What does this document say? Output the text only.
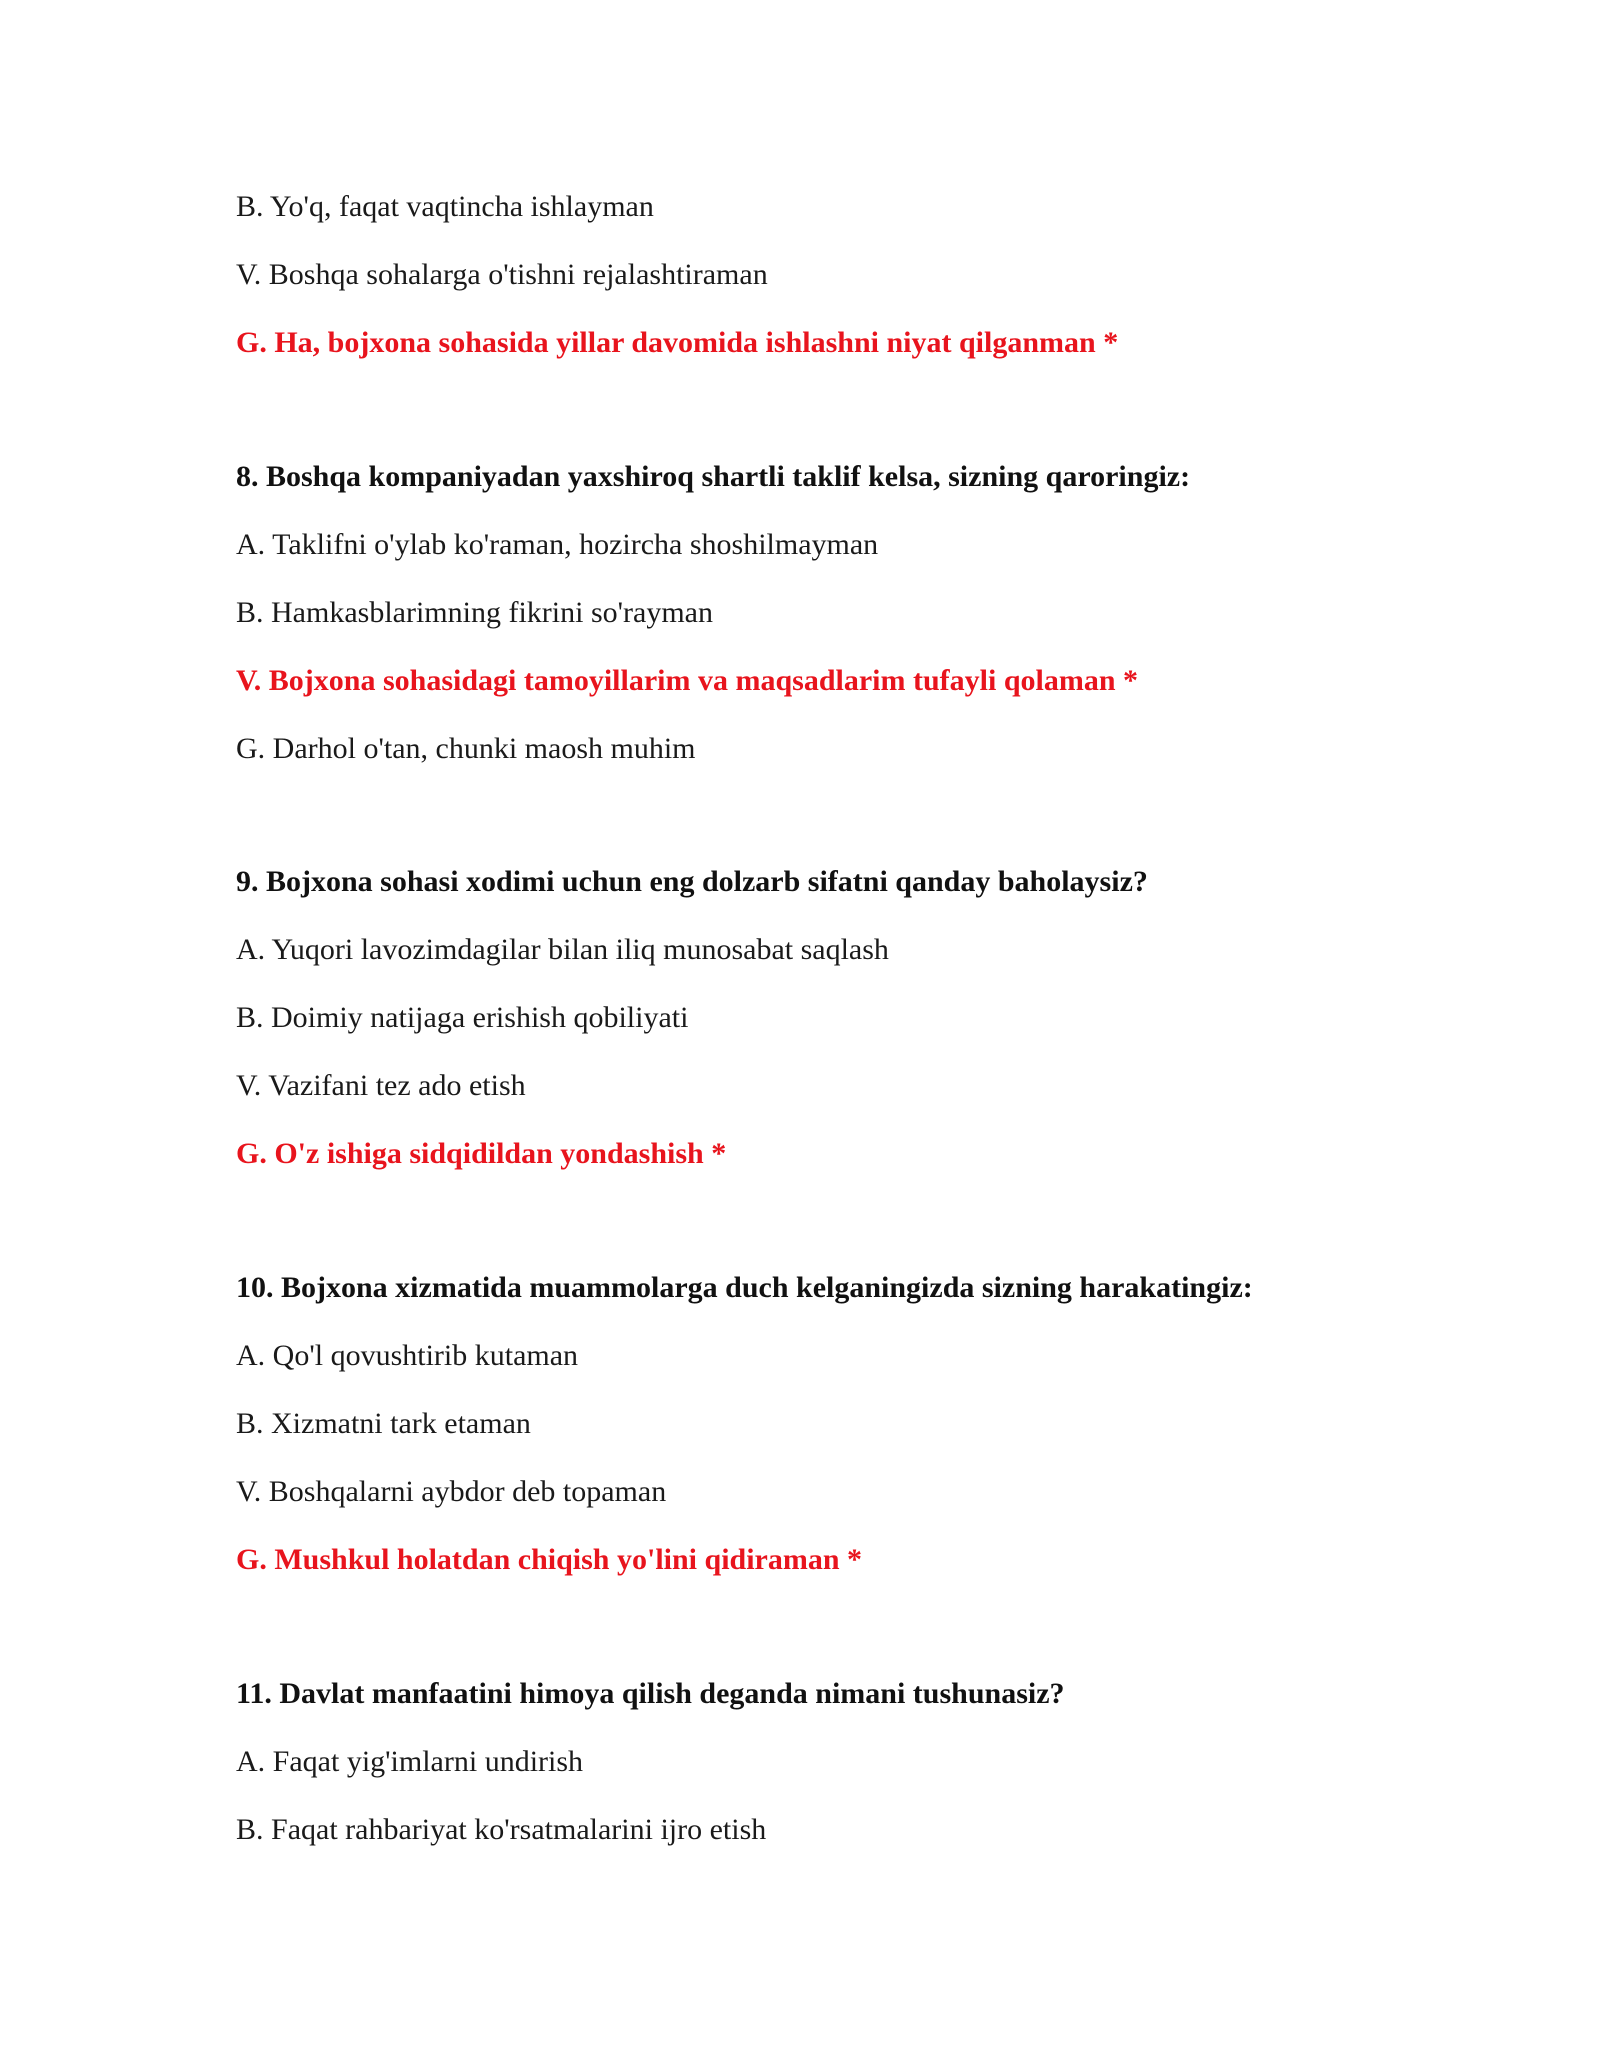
B. Yo'q, faqat vaqtincha ishlayman
V. Boshqa sohalarga o'tishni rejalashtiraman
G. Ha, bojxona sohasida yillar davomida ishlashni niyat qilganman *
8. Boshqa kompaniyadan yaxshiroq shartli taklif kelsa, sizning qaroringiz:
A. Taklifni o'ylab ko'raman, hozircha shoshilmayman
B. Hamkasblarimning fikrini so'rayman
V. Bojxona sohasidagi tamoyillarim va maqsadlarim tufayli qolaman *
G. Darhol o'tan, chunki maosh muhim
9. Bojxona sohasi xodimi uchun eng dolzarb sifatni qanday baholaysiz?
A. Yuqori lavozimdagilar bilan iliq munosabat saqlash
B. Doimiy natijaga erishish qobiliyati
V. Vazifani tez ado etish
G. O'z ishiga sidqidildan yondashish *
10. Bojxona xizmatida muammolarga duch kelganingizda sizning harakatingiz:
A. Qo'l qovushtirib kutaman
B. Xizmatni tark etaman
V. Boshqalarni aybdor deb topaman
G. Mushkul holatdan chiqish yo'lini qidiraman *
11. Davlat manfaatini himoya qilish deganda nimani tushunasiz?
A. Faqat yig'imlarni undirish
B. Faqat rahbariyat ko'rsatmalarini ijro etish
